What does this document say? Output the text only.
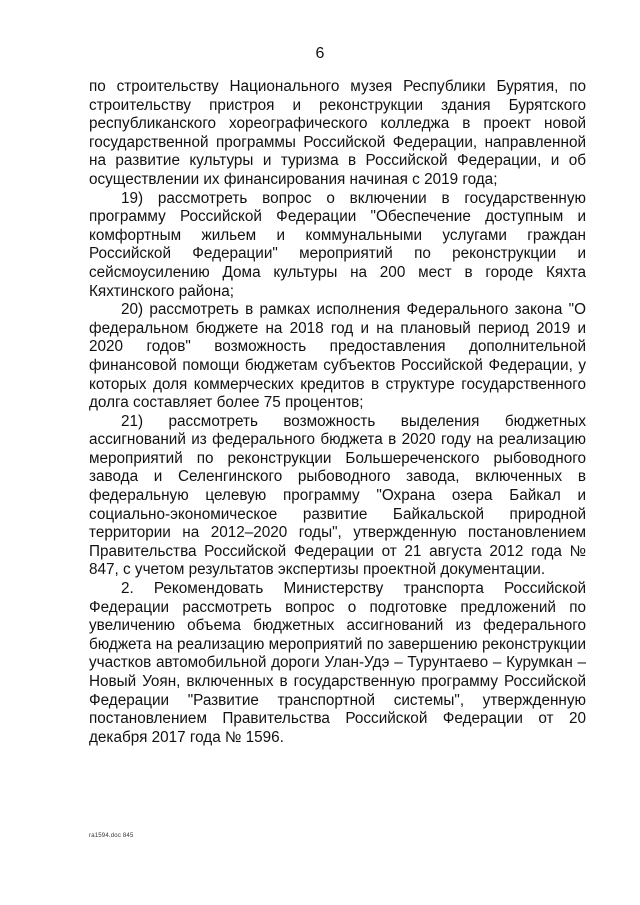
6

по строительству Национального музея Республики Бурятия, по строительству пристроя и реконструкции здания Бурятского республиканского хореографического колледжа в проект новой государственной программы Российской Федерации, направленной на развитие культуры и туризма в Российской Федерации, и об осуществлении их финансирования начиная с 2019 года;

19) рассмотреть вопрос о включении в государственную программу Российской Федерации "Обеспечение доступным и комфортным жильем и коммунальными услугами граждан Российской Федерации" мероприятий по реконструкции и сейсмоусилению Дома культуры на 200 мест в городе Кяхта Кяхтинского района;

20) рассмотреть в рамках исполнения Федерального закона "О федеральном бюджете на 2018 год и на плановый период 2019 и 2020 годов" возможность предоставления дополнительной финансовой помощи бюджетам субъектов Российской Федерации, у которых доля коммерческих кредитов в структуре государственного долга составляет более 75 процентов;

21) рассмотреть возможность выделения бюджетных ассигнований из федерального бюджета в 2020 году на реализацию мероприятий по реконструкции Большереченского рыбоводного завода и Селенгинского рыбоводного завода, включенных в федеральную целевую программу "Охрана озера Байкал и социально-экономическое развитие Байкальской природной территории на 2012–2020 годы", утвержденную постановлением Правительства Российской Федерации от 21 августа 2012 года № 847, с учетом результатов экспертизы проектной документации.

2. Рекомендовать Министерству транспорта Российской Федерации рассмотреть вопрос о подготовке предложений по увеличению объема бюджетных ассигнований из федерального бюджета на реализацию мероприятий по завершению реконструкции участков автомобильной дороги Улан-Удэ – Турунтаево – Курумкан – Новый Уоян, включенных в государственную программу Российской Федерации "Развитие транспортной системы", утвержденную постановлением Правительства Российской Федерации от 20 декабря 2017 года № 1596.

ra1594.doc 845
